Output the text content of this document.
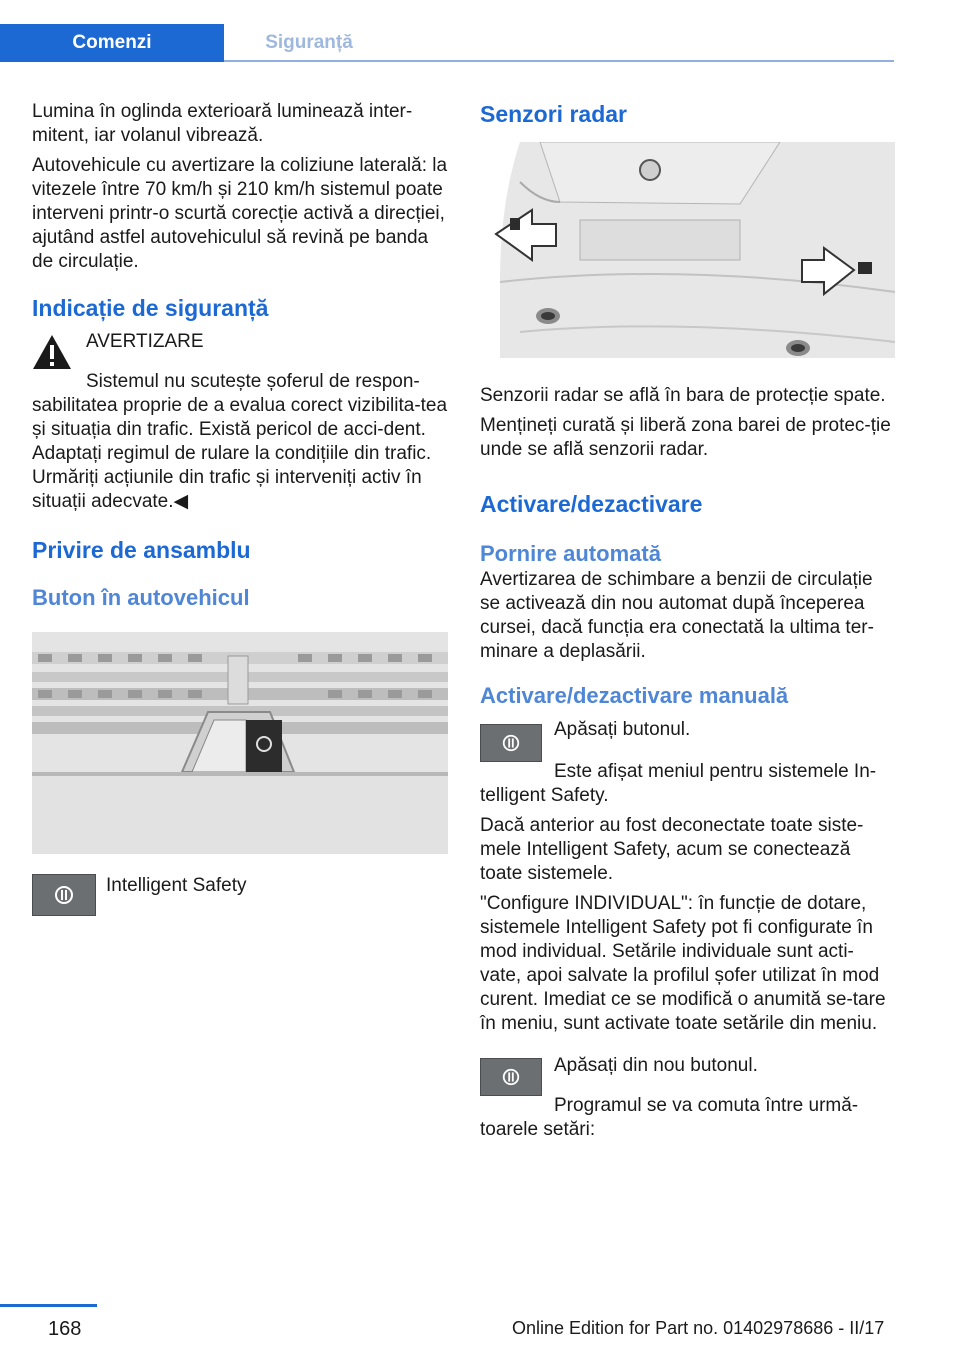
Comenzi	Siguranță

Lumina în oglinda exterioară luminează inter‐mitent, iar volanul vibrează.

Autovehicule cu avertizare la coliziune laterală: la vitezele între 70 km/h și 210 km/h sistemul poate interveni printr-o scurtă corecție activă a direcției, ajutând astfel autovehiculul să revină pe banda de circulație.

Indicație de siguranță

AVERTIZARE

Sistemul nu scutește șoferul de respon‐sabilitatea proprie de a evalua corect vizibilita‐tea și situația din trafic. Există pericol de acci‐dent. Adaptați regimul de rulare la condițiile din trafic. Urmăriți acțiunile din trafic și interveniți activ în situații adecvate.◀

Privire de ansamblu
Buton în autovehicul

Intelligent Safety

Senzori radar

Senzorii radar se află în bara de protecție spate.

Mențineți curată și liberă zona barei de protec‐ție unde se află senzorii radar.

Activare/dezactivare
Pornire automată

Avertizarea de schimbare a benzii de circulație se activează din nou automat după începerea cursei, dacă funcția era conectată la ultima ter‐minare a deplasării.

Activare/dezactivare manuală

Apăsați butonul.

Este afișat meniul pentru sistemele In‐telligent Safety.

Dacă anterior au fost deconectate toate siste‐mele Intelligent Safety, acum se conectează toate sistemele.

"Configure INDIVIDUAL": în funcție de dotare, sistemele Intelligent Safety pot fi configurate în mod individual. Setările individuale sunt acti‐vate, apoi salvate la profilul șofer utilizat în mod curent. Imediat ce se modifică o anumită se‐tare în meniu, sunt activate toate setările din meniu.

Apăsați din nou butonul.

Programul se va comuta între urmă‐toarele setări:

168	Online Edition for Part no. 01402978686 - II/17
